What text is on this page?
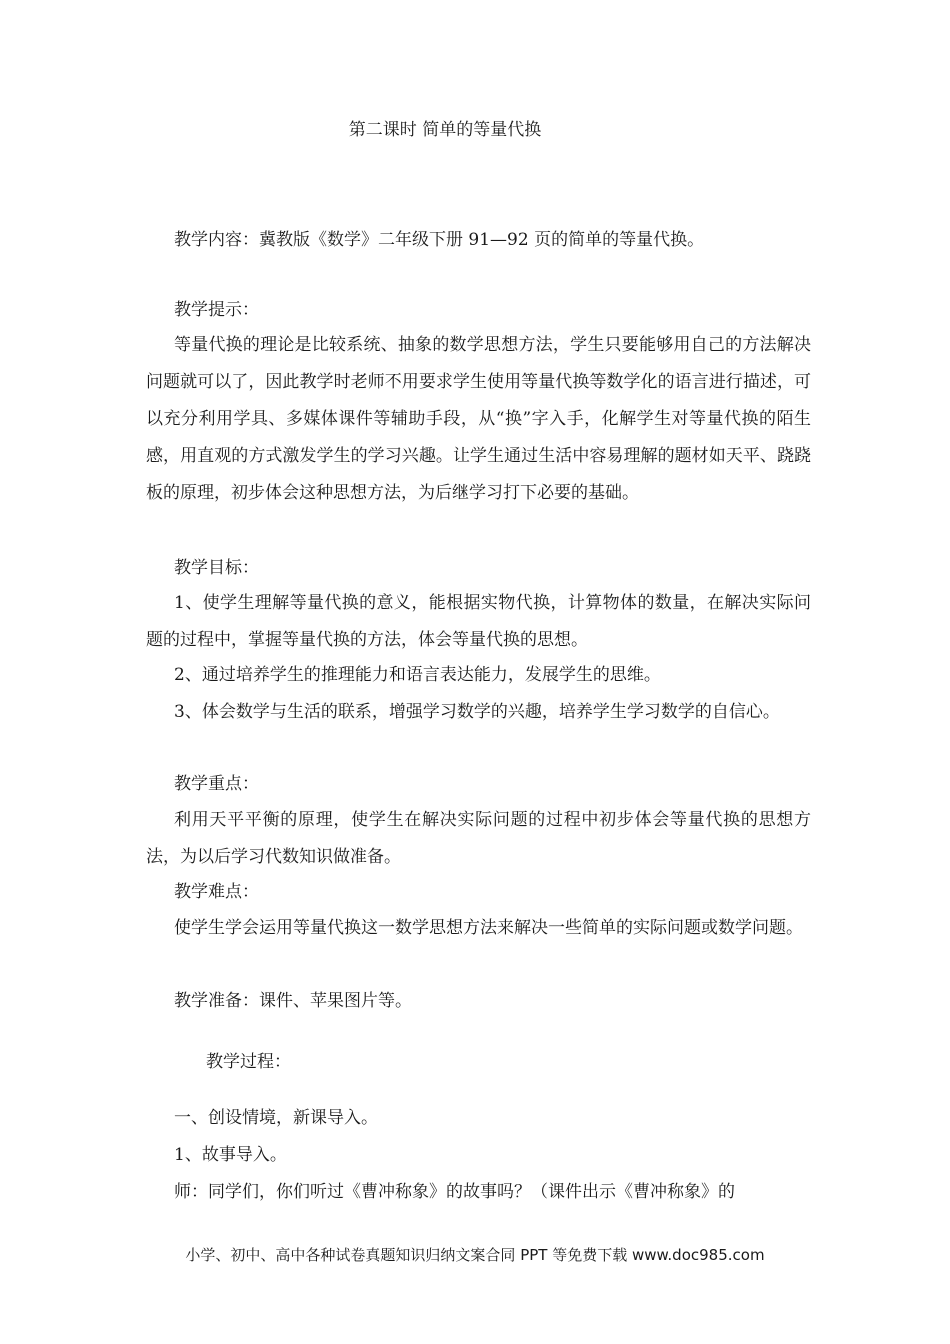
第二课时 简单的等量代换
教学内容：冀教版《数学》二年级下册 91—92 页的简单的等量代换。
教学提示：
等量代换的理论是比较系统、抽象的数学思想方法，学生只要能够用自己的方法解决问题就可以了，因此教学时老师不用要求学生使用等量代换等数学化的语言进行描述，可以充分利用学具、多媒体课件等辅助手段，从“换”字入手，化解学生对等量代换的陌生感，用直观的方式激发学生的学习兴趣。让学生通过生活中容易理解的题材如天平、跷跷板的原理，初步体会这种思想方法，为后继学习打下必要的基础。
教学目标：
1、使学生理解等量代换的意义，能根据实物代换，计算物体的数量，在解决实际问题的过程中，掌握等量代换的方法，体会等量代换的思想。
2、通过培养学生的推理能力和语言表达能力，发展学生的思维。
3、体会数学与生活的联系，增强学习数学的兴趣，培养学生学习数学的自信心。
教学重点：
利用天平平衡的原理，使学生在解决实际问题的过程中初步体会等量代换的思想方法，为以后学习代数知识做准备。
教学难点：
使学生学会运用等量代换这一数学思想方法来解决一些简单的实际问题或数学问题。
教学准备：课件、苹果图片等。
教学过程：
一、创设情境，新课导入。
1、故事导入。
师：同学们，你们听过《曹冲称象》的故事吗？（课件出示《曹冲称象》的
小学、初中、高中各种试卷真题知识归纳文案合同 PPT 等免费下载 www.doc985.com
